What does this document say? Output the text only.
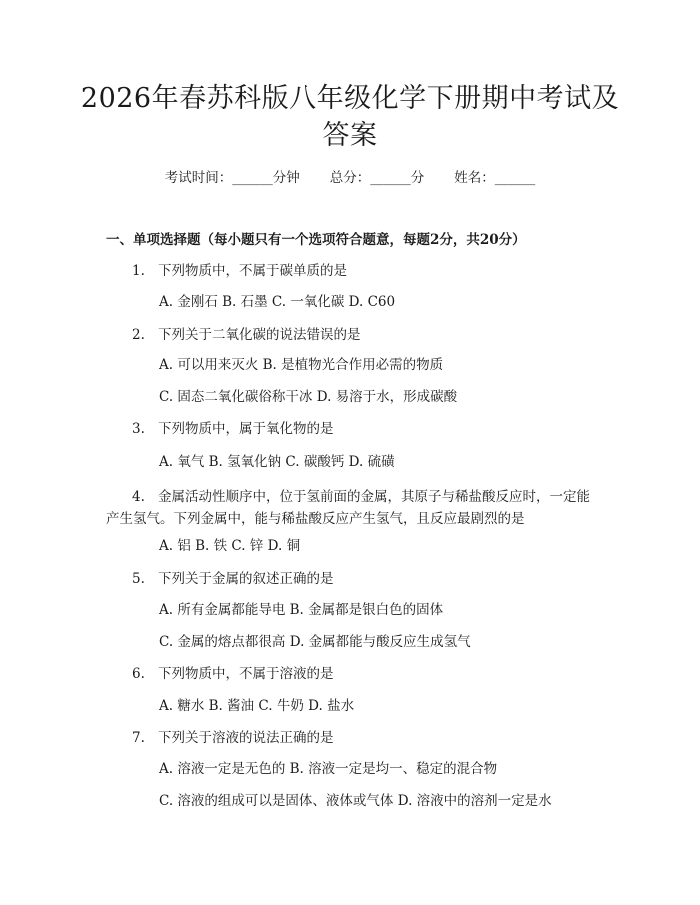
2026年春苏科版八年级化学下册期中考试及答案
考试时间：______分钟 总分：______分 姓名：______
一、单项选择题（每小题只有一个选项符合题意，每题2分，共20分）
1. 下列物质中，不属于碳单质的是
A. 金刚石 B. 石墨 C. 一氧化碳 D. C60
2. 下列关于二氧化碳的说法错误的是
A. 可以用来灭火 B. 是植物光合作用必需的物质
C. 固态二氧化碳俗称干冰 D. 易溶于水，形成碳酸
3. 下列物质中，属于氧化物的是
A. 氧气 B. 氢氧化钠 C. 碳酸钙 D. 硫磺
4. 金属活动性顺序中，位于氢前面的金属，其原子与稀盐酸反应时，一定能产生氢气。下列金属中，能与稀盐酸反应产生氢气，且反应最剧烈的是
A. 铝 B. 铁 C. 锌 D. 铜
5. 下列关于金属的叙述正确的是
A. 所有金属都能导电 B. 金属都是银白色的固体
C. 金属的熔点都很高 D. 金属都能与酸反应生成氢气
6. 下列物质中，不属于溶液的是
A. 糖水 B. 酱油 C. 牛奶 D. 盐水
7. 下列关于溶液的说法正确的是
A. 溶液一定是无色的 B. 溶液一定是均一、稳定的混合物
C. 溶液的组成可以是固体、液体或气体 D. 溶液中的溶剂一定是水
